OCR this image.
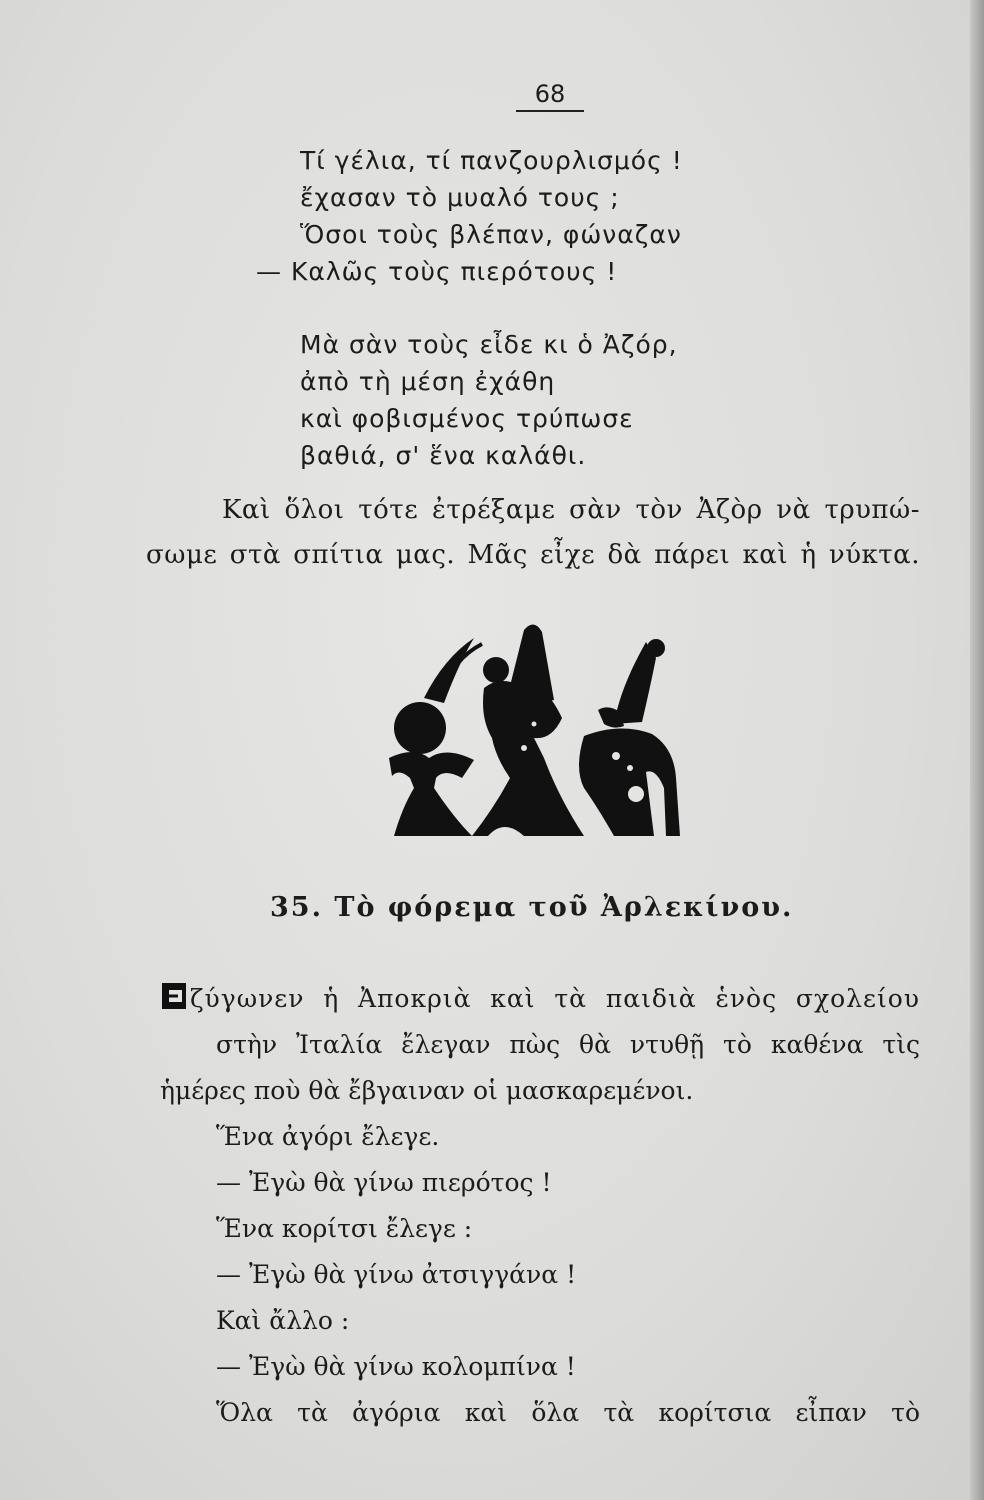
68
Τί γέλια, τί πανζουρλισμός !
ἔχασαν τὸ μυαλό τους ;
Ὅσοι τοὺς βλέπαν, φώναζαν
— Καλῶς τοὺς πιερότους !
Μὰ σὰν τοὺς εἶδε κι ὁ Ἀζόρ,
ἀπὸ τὴ μέση ἐχάθη
καὶ φοβισμένος τρύπωσε
βαθιά, σ' ἕνα καλάθι.
Καὶ ὅλοι τότε ἐτρέξαμε σὰν τὸν Ἀζὸρ νὰ τρυπώ-
σωμε στὰ σπίτια μας. Μᾶς εἶχε δὰ πάρει καὶ ἡ νύκτα.
35. Τὸ φόρεμα τοῦ Ἀρλεκίνου.
ζύγωνεν ἡ Ἀποκριὰ καὶ τὰ παιδιὰ ἑνὸς σχολείου
στὴν Ἰταλία ἔλεγαν πὼς θὰ ντυθῇ τὸ καθένα τὶς
ἡμέρες ποὺ θὰ ἔβγαιναν οἱ μασκαρεμένοι.
Ἕνα ἀγόρι ἔλεγε.
— Ἐγὼ θὰ γίνω πιερότος !
Ἕνα κορίτσι ἔλεγε :
— Ἐγὼ θὰ γίνω ἀτσιγγάνα !
Καὶ ἄλλο :
— Ἐγὼ θὰ γίνω κολομπίνα !
Ὅλα τὰ ἀγόρια καὶ ὅλα τὰ κορίτσια εἶπαν τὸ
